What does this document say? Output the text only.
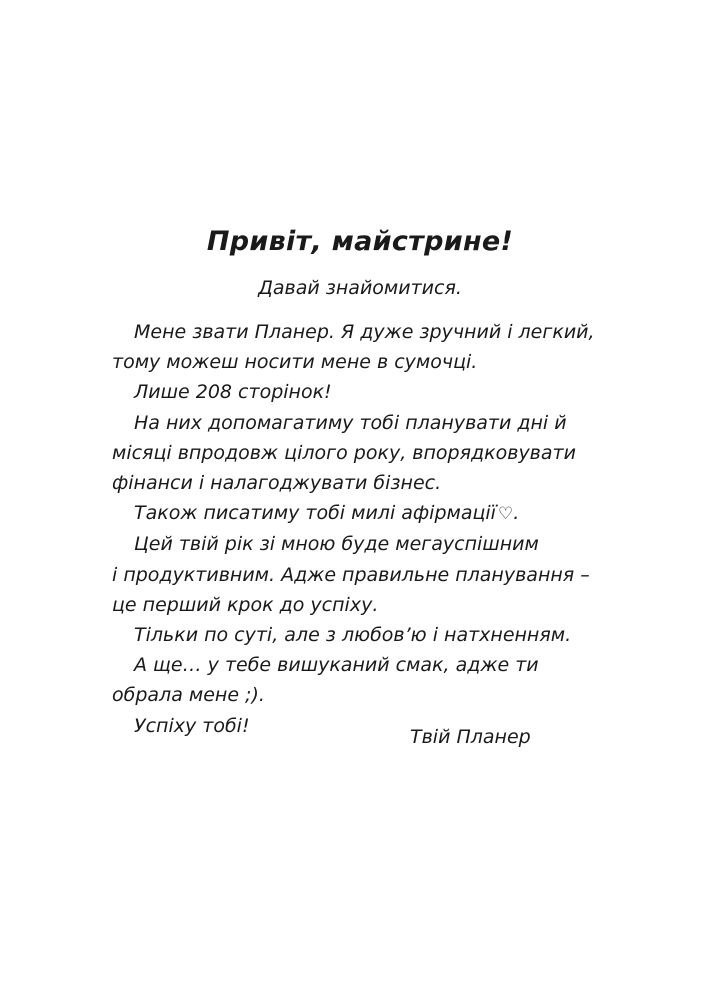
Привіт, майстрине!
Давай знайомитися.
Мене звати Планер. Я дуже зручний і легкий,
тому можеш носити мене в сумочці.
Лише 208 сторінок!
На них допомагатиму тобі планувати дні й
місяці впродовж цілого року, впорядковувати
фінанси і налагоджувати бізнес.
Також писатиму тобі милі афірмації ♡.
Цей твій рік зі мною буде мегауспішним
і продуктивним. Адже правильне планування –
це перший крок до успіху.
Тільки по суті, але з любов’ю і натхненням.
А ще… у тебе вишуканий смак, адже ти
обрала мене ;).
Успіху тобі!
Твій Планер
